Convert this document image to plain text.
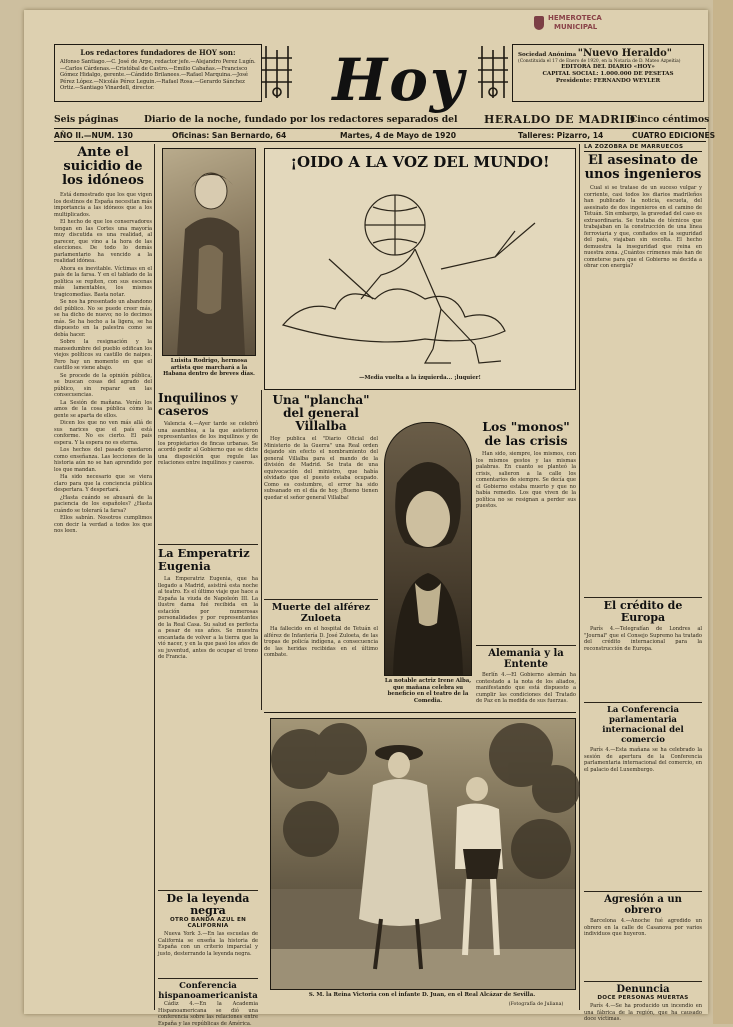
HEMEROTECA
MUNICIPAL
Los redactores fundadores de HOY son:
Alfonso Santiago.—C. José de Arpe, redactor jefe.—Alejandro Perez Lugín.—Carlos Cárdenas.—Cristóbal de Castro.—Emilio Cabañas.—Francisco Gómez Hidalgo, gerente.—Cándido Brilanees.—Rafael Marquina.—José Pérez López.—Nicolás Pérez Leguin.—Rafael Rosa.—Gerardo Sánchez Ortiz.—Santiago Vinardell, director.	Hoy	Sociedad Anónima "Nuevo Heraldo"
(Constituida el 17 de Enero de 1920, en la Notaría de D. Mateo Azpeitia)
EDITORA DEL DIARIO «HOY»
CAPITAL SOCIAL: 1.000.000 DE PESETAS
Presidente: FERNANDO WEYLER
Seis páginas	Diario de la noche, fundado por los redactores separados del HERALDO DE MADRID
Cinco céntimos
AÑO II.—NUM. 130	Oficinas: San Bernardo, 64	Martes, 4 de Mayo de 1920	Talleres: Pizarro, 14	CUATRO EDICIONES
Ante el suicidio de los idóneos

Está demostrado que los que vigen los destinos de España necesitan más importancia a las idóneos que a los multiplicados.

El hecho de que los conservadores tengan en las Cortes una mayoría muy discutida es una realidad, al parecer, que vino a la hora de las elecciones. De todo lo demás parlamentario ha vencido a la realidad idónea.

Ahora es inevitable. Víctimas en el país de la farsa. Y en el tablado de la política se repiten, con sus escenas más lamentables, los mismos tragicomedias. Basta notar.

Se nos ha presentado un abandono del público. No se puede creer más, se ha dicho de nuevo; no lo decimos más. Se ha hecho a la ligera, se ha dispuesto en la palestra como se debía hacer.

Sobre la resignación y la mansedumbre del pueblo edifican los viejos políticos su castillo de naipes. Pero hay un momento en que el castillo se viene abajo.

Se procede de la opinión pública, se buscan cosas del agrado del público, sin reparar en las consecuencias.

La Sesión de mañana. Verán los amos de la cosa pública cómo la gente se aparta de ellos.

Dicen los que no ven más allá de sus narices que el país está conforme. No es cierto. El país espera. Y la espera no es eterna.

Los hechos del pasado quedaron como enseñanza. Las lecciones de la historia aún no se han aprendido por los que mandan.

Ha sido necesario que se viera claro para que la conciencia pública despertara. Y despertará.

¿Hasta cuándo se abusará de la paciencia de los españoles? ¿Hasta cuándo se tolerará la farsa?

Ellos sabrán. Nosotros cumplimos con decir la verdad a todos los que nos leen.

Luisita Rodrigo, hermosa artista que marchará a la Habana dentro de breves días.
Inquilinos y caseros
Valencia 4.—Ayer tarde se celebró una asamblea, a la que asistieron representantes de los inquilinos y de los propietarios de fincas urbanas. Se acordó pedir al Gobierno que se dicte una disposición que regule las relaciones entre inquilinos y caseros.
La Emperatriz Eugenia
La Emperatriz Eugenia, que ha llegado a Madrid, asistirá esta noche al teatro. Es el último viaje que hace a España la viuda de Napoleón III. La ilustre dama fué recibida en la estación por numerosas personalidades y por representantes de la Real Casa. Su salud es perfecta a pesar de sus años. Se muestra encantada de volver a la tierra que la vió nacer, y en la que pasó los años de su juventud, antes de ocupar el trono de Francia.
De la leyenda negra
OTRO BANDA AZUL EN CALIFORNIA
Nueva York 3.—En las escuelas de California se enseña la historia de España con un criterio imparcial y justo, desterrando la leyenda negra.
Conferencia hispanoamericanista
Cádiz 4.—En la Academia Hispanoamericana se dió una conferencia sobre las relaciones entre España y las repúblicas de América.
¡OIDO A LA VOZ DEL MUNDO!
—Media vuelta a la izquierda... ¡luquier!
Una "plancha" del general Villalba
Hoy publica el "Diario Oficial del Ministerio de la Guerra" una Real orden dejando sin efecto el nombramiento del general Villalba para el mando de la división de Madrid. Se trata de una equivocación del ministro, que había olvidado que el puesto estaba ocupado. Como es costumbre, el error ha sido subsanado en el día de hoy. ¡Bueno tienen quedar el señor general Villalba!
Muerte del alférez Zuloeta
Ha fallecido en el hospital de Tetuán el alférez de Infantería D. José Zuloeta, de las tropas de policía indígena, a consecuencia de las heridas recibidas en el último combate.
La notable actriz Irene Alba, que mañana celebra su beneficio en el teatro de la Comedia.
Los "monos" de las crisis
Han sido, siempre, los mismos, con los mismos gestos y las mismas palabras. En cuanto se planteó la crisis, salieron a la calle los comentarios de siempre. Se decía que el Gobierno estaba muerto y que no había remedio. Los que viven de la política no se resignan a perder sus puestos.
Alemania y la Entente
Berlín 4.—El Gobierno alemán ha contestado a la nota de los aliados, manifestando que está dispuesto a cumplir las condiciones del Tratado de Paz en la medida de sus fuerzas.
S. M. la Reina Victoria con el infante D. Juan, en el Real Alcázar de Sevilla.
(Fotografía de Juliana)
LA ZOZOBRA DE MARRUECOS
El asesinato de unos ingenieros
Cual si se tratase de un suceso vulgar y corriente, casi todos los diarios madrileños han publicado la noticia, escueta, del asesinato de dos ingenieros en el camino de Tetuán. Sin embargo, la gravedad del caso es extraordinaria. Se trataba de técnicos que trabajaban en la construcción de una línea ferroviaria y que, confiados en la seguridad del país, viajaban sin escolta. El hecho demuestra la inseguridad que reina en nuestra zona. ¿Cuántos crímenes más han de cometerse para que el Gobierno se decida a obrar con energía?
El crédito de Europa
París 4.—Telegrafían de Londres al "Journal" que el Consejo Supremo ha tratado del crédito internacional para la reconstrucción de Europa.
La Conferencia parlamentaria internacional del comercio
París 4.—Esta mañana se ha celebrado la sesión de apertura de la Conferencia parlamentaria internacional del comercio, en el palacio del Luxemburgo.
Agresión a un obrero
Barcelona 4.—Anoche fué agredido un obrero en la calle de Casanova por varios individuos que huyeron.
Denuncia
DOCE PERSONAS MUERTAS
París 4.—Se ha producido un incendio en una fábrica de la región, que ha causado doce víctimas.
